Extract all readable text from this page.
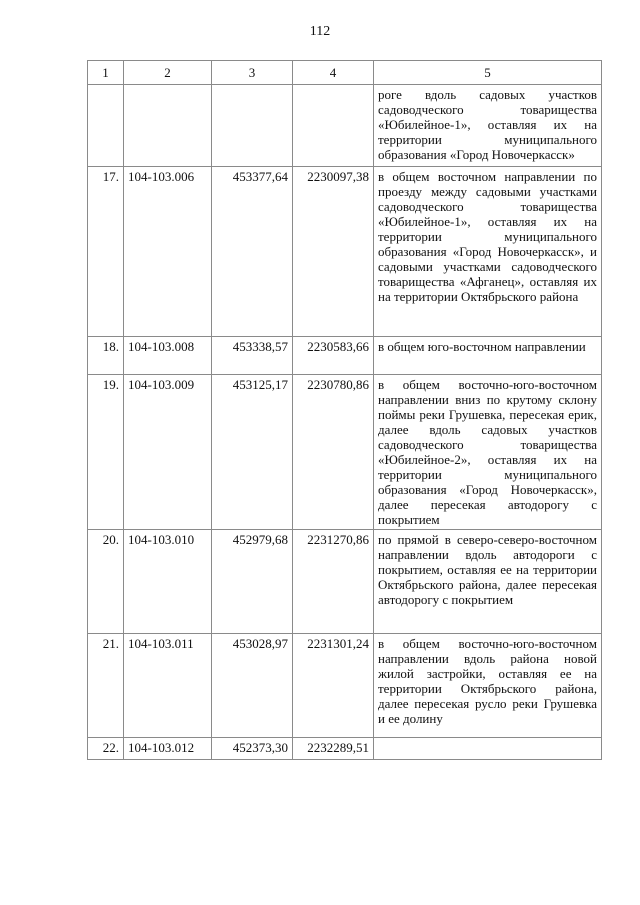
112
1	2	3	4	5
				роге вдоль садовых участков садоводческого товарищества «Юбилейное-1», оставляя их на территории муниципального образования «Город Новочеркасск»
17.	104-103.006	453377,64	2230097,38	в общем восточном направлении по проезду между садовыми участками садоводческого товарищества «Юбилейное-1», оставляя их на территории муниципального образования «Город Новочеркасск», и садовыми участками садоводческого товарищества «Афганец», оставляя их на территории Октябрьского района
18.	104-103.008	453338,57	2230583,66	в общем юго-восточном направлении
19.	104-103.009	453125,17	2230780,86	в общем восточно-юго-восточном направлении вниз по крутому склону поймы реки Грушевка, пересекая ерик, далее вдоль садовых участков садоводческого товарищества «Юбилейное-2», оставляя их на территории муниципального образования «Город Новочеркасск», далее пересекая автодорогу с покрытием
20.	104-103.010	452979,68	2231270,86	по прямой в северо-северо-восточном направлении вдоль автодороги с покрытием, оставляя ее на территории Октябрьского района, далее пересекая автодорогу с покрытием
21.	104-103.011	453028,97	2231301,24	в общем восточно-юго-восточном направлении вдоль района новой жилой застройки, оставляя ее на территории Октябрьского района, далее пересекая русло реки Грушевка и ее долину
22.	104-103.012	452373,30	2232289,51	
